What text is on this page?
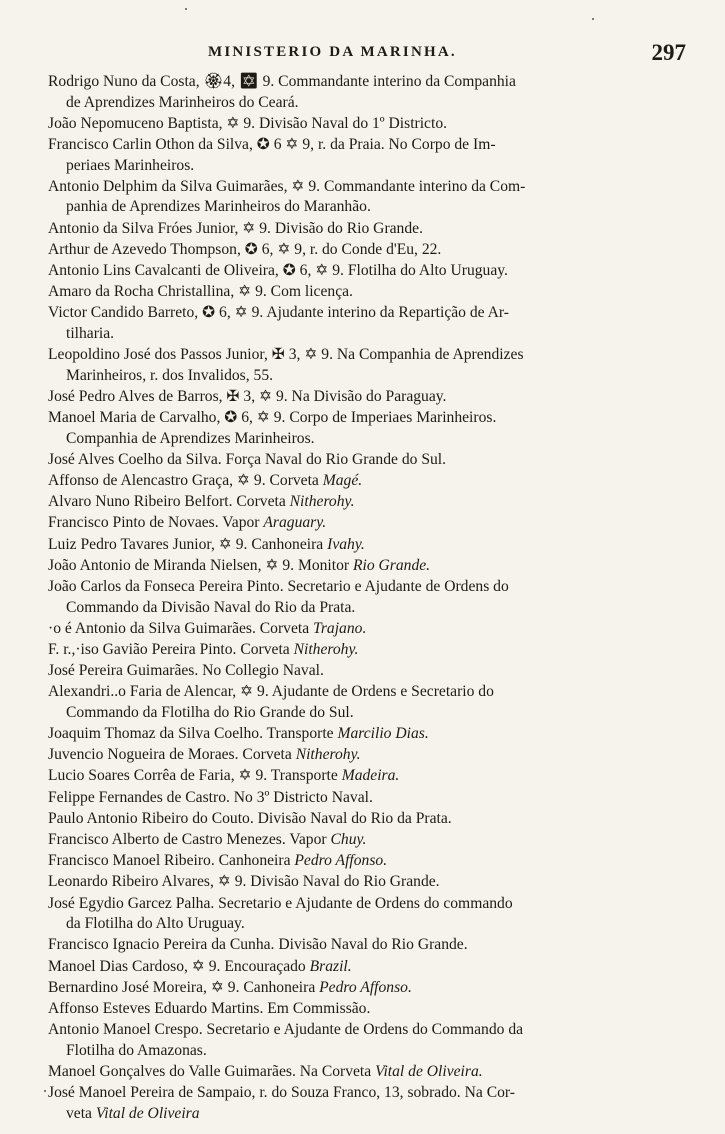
MINISTERIO DA MARINHA.	297
Rodrigo Nuno da Costa, 🏵4, ✡ 9. Commandante interino da Companhia
de Aprendizes Marinheiros do Ceará.
João Nepomuceno Baptista, ✡ 9. Divisão Naval do 1º Districto.
Francisco Carlin Othon da Silva, ✪ 6 ✡ 9, r. da Praia. No Corpo de Im-
periaes Marinheiros.
Antonio Delphim da Silva Guimarães, ✡ 9. Commandante interino da Com-
panhia de Aprendizes Marinheiros do Maranhão.
Antonio da Silva Fróes Junior, ✡ 9. Divisão do Rio Grande.
Arthur de Azevedo Thompson, ✪ 6, ✡ 9, r. do Conde d'Eu, 22.
Antonio Lins Cavalcanti de Oliveira, ✪ 6, ✡ 9. Flotilha do Alto Uruguay.
Amaro da Rocha Christallina, ✡ 9. Com licença.
Victor Candido Barreto, ✪ 6, ✡ 9. Ajudante interino da Repartição de Ar-
tilharia.
Leopoldino José dos Passos Junior, ✠ 3, ✡ 9. Na Companhia de Aprendizes
Marinheiros, r. dos Invalidos, 55.
José Pedro Alves de Barros, ✠ 3, ✡ 9. Na Divisão do Paraguay.
Manoel Maria de Carvalho, ✪ 6, ✡ 9. Corpo de Imperiaes Marinheiros.
Companhia de Aprendizes Marinheiros.
José Alves Coelho da Silva. Força Naval do Rio Grande do Sul.
Affonso de Alencastro Graça, ✡ 9. Corveta Magé.
Alvaro Nuno Ribeiro Belfort. Corveta Nitherohy.
Francisco Pinto de Novaes. Vapor Araguary.
Luiz Pedro Tavares Junior, ✡ 9. Canhoneira Ivahy.
João Antonio de Miranda Nielsen, ✡ 9. Monitor Rio Grande.
João Carlos da Fonseca Pereira Pinto. Secretario e Ajudante de Ordens do
Commando da Divisão Naval do Rio da Prata.
·o é Antonio da Silva Guimarães. Corveta Trajano.
F. r.,·iso Gavião Pereira Pinto. Corveta Nitherohy.
José Pereira Guimarães. No Collegio Naval.
Alexandri..o Faria de Alencar, ✡ 9. Ajudante de Ordens e Secretario do
Commando da Flotilha do Rio Grande do Sul.
Joaquim Thomaz da Silva Coelho. Transporte Marcilio Dias.
Juvencio Nogueira de Moraes. Corveta Nitherohy.
Lucio Soares Corrêa de Faria, ✡ 9. Transporte Madeira.
Felippe Fernandes de Castro. No 3º Districto Naval.
Paulo Antonio Ribeiro do Couto. Divisão Naval do Rio da Prata.
Francisco Alberto de Castro Menezes. Vapor Chuy.
Francisco Manoel Ribeiro. Canhoneira Pedro Affonso.
Leonardo Ribeiro Alvares, ✡ 9. Divisão Naval do Rio Grande.
José Egydio Garcez Palha. Secretario e Ajudante de Ordens do commando
da Flotilha do Alto Uruguay.
Francisco Ignacio Pereira da Cunha. Divisão Naval do Rio Grande.
Manoel Dias Cardoso, ✡ 9. Encouraçado Brazil.
Bernardino José Moreira, ✡ 9. Canhoneira Pedro Affonso.
Affonso Esteves Eduardo Martins. Em Commissão.
Antonio Manoel Crespo. Secretario e Ajudante de Ordens do Commando da
Flotilha do Amazonas.
Manoel Gonçalves do Valle Guimarães. Na Corveta Vital de Oliveira.
José Manoel Pereira de Sampaio, r. do Souza Franco, 13, sobrado. Na Cor-
veta Vital de Oliveira
